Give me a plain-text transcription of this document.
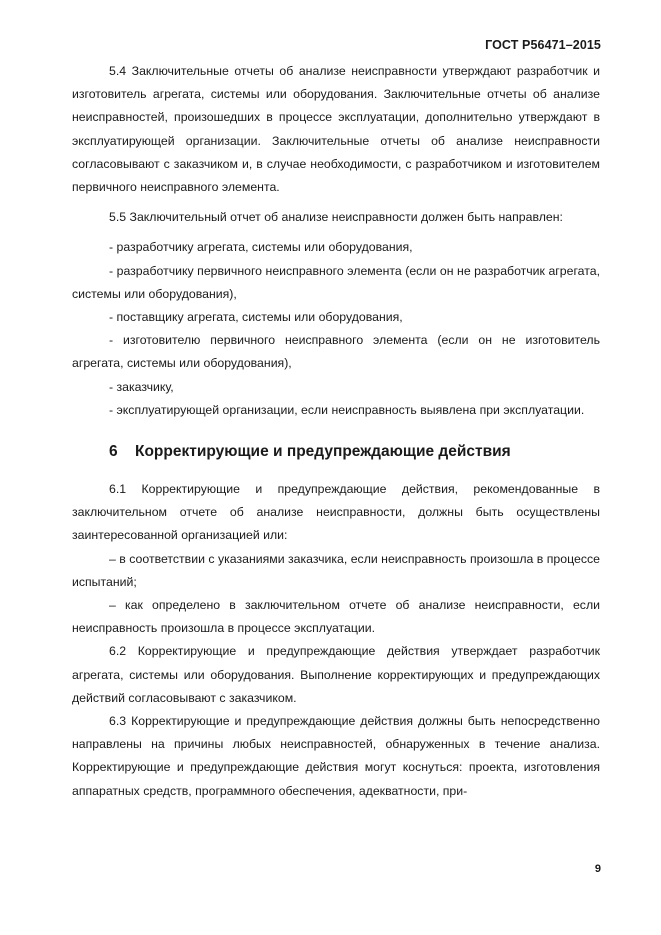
ГОСТ Р56471–2015

5.4 Заключительные отчеты об анализе неисправности утверждают разработчик и изготовитель агрегата, системы или оборудования. Заключительные отчеты об анализе неисправностей, произошедших в процессе эксплуатации, дополнительно утверждают в эксплуатирующей организации. Заключительные отчеты об анализе неисправности согласовывают с заказчиком и, в случае необходимости, с разработчиком и изготовителем первичного неисправного элемента.

5.5 Заключительный отчет об анализе неисправности должен быть направлен:

- разработчику агрегата, системы или оборудования,

- разработчику первичного неисправного элемента (если он не разработчик агрегата, системы или оборудования),

- поставщику агрегата, системы или оборудования,

- изготовителю первичного неисправного элемента (если он не изготовитель агрегата, системы или оборудования),

- заказчику,

- эксплуатирующей организации, если неисправность выявлена при эксплуатации.

6 Корректирующие и предупреждающие действия

6.1 Корректирующие и предупреждающие действия, рекомендованные в заключительном отчете об анализе неисправности, должны быть осуществлены заинтересованной организацией или:

– в соответствии с указаниями заказчика, если неисправность произошла в процессе испытаний;

– как определено в заключительном отчете об анализе неисправности, если неисправность произошла в процессе эксплуатации.

6.2 Корректирующие и предупреждающие действия утверждает разработчик агрегата, системы или оборудования. Выполнение корректирующих и предупреждающих действий согласовывают с заказчиком.

6.3 Корректирующие и предупреждающие действия должны быть непосредственно направлены на причины любых неисправностей, обнаруженных в течение анализа. Корректирующие и предупреждающие действия могут коснуться: проекта, изготовления аппаратных средств, программного обеспечения, адекватности, при-

9
